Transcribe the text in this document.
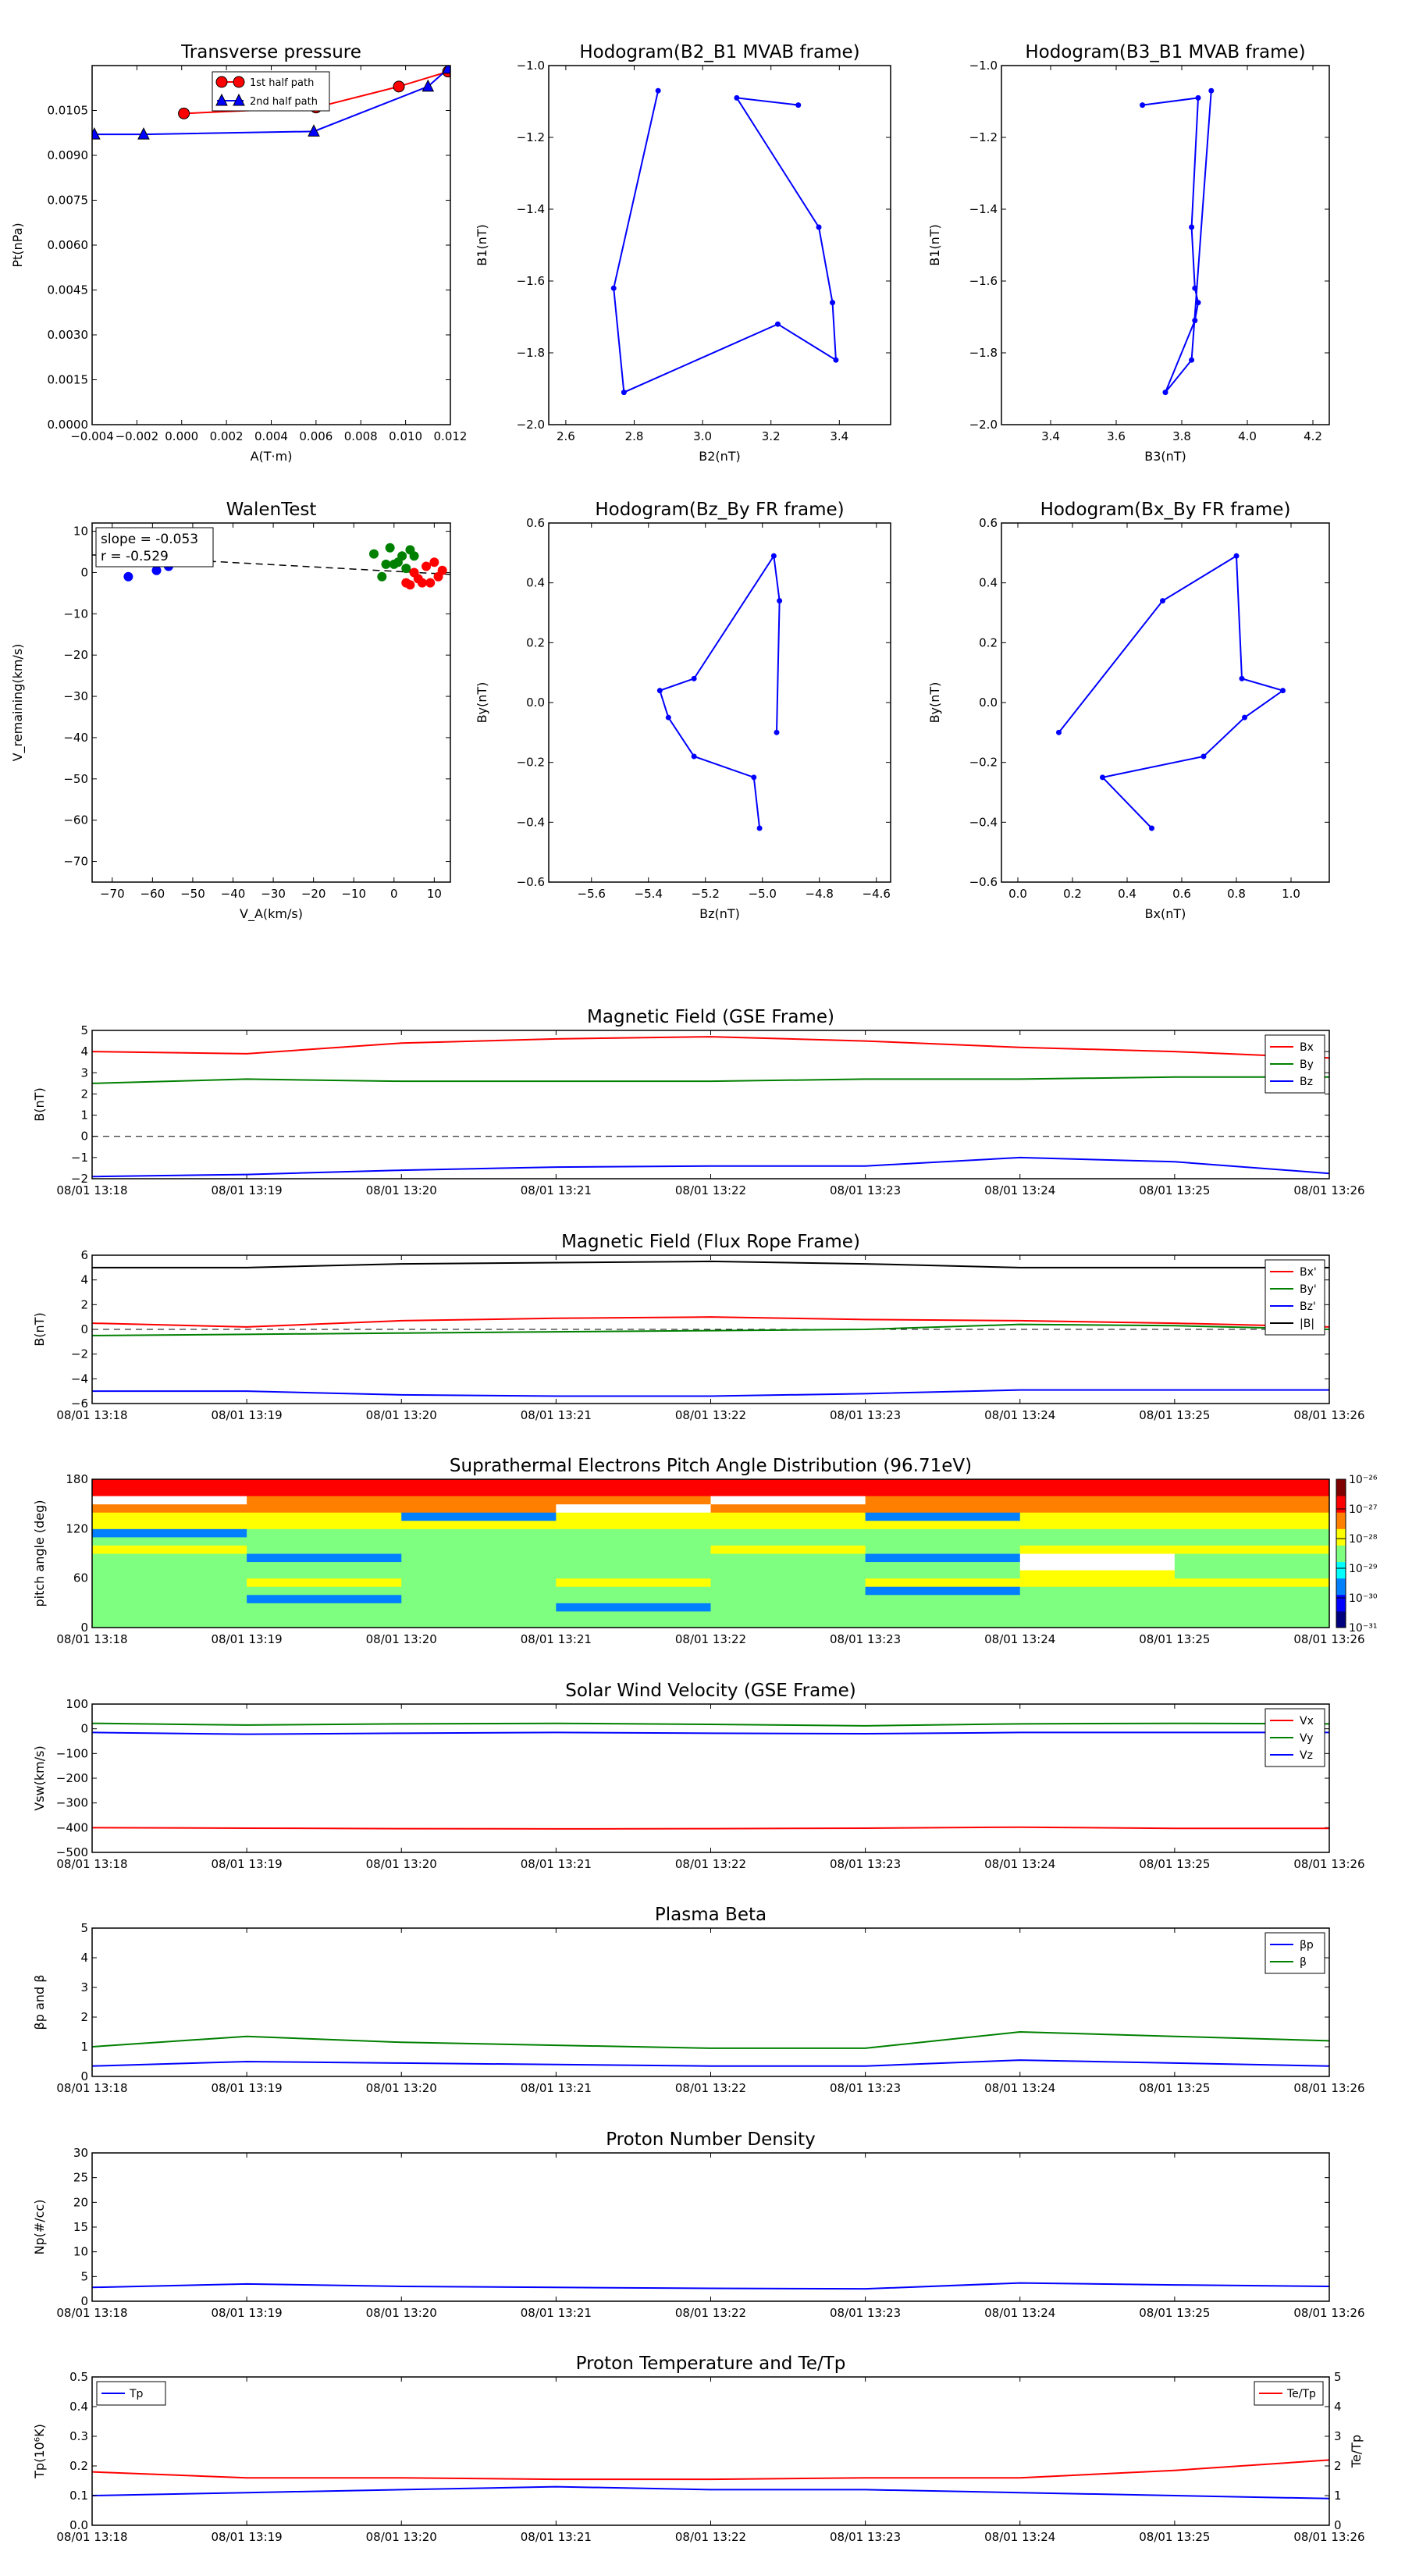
Transverse pressure
−0.004 −0.002 0.000 0.002 0.004 0.006 0.008 0.010 0.012
0.0000
0.0015
0.0030
0.0045
0.0060
0.0075
0.0090
0.0105
A(T·m)
Pt(nPa)
1st half path
2nd half path
Hodogram(B2_B1 MVAB frame)
2.6	2.8	3.0	3.2	3.4
−2.0
−1.8
−1.6
−1.4
−1.2
−1.0
B2(nT)
B1(nT)
Hodogram(B3_B1 MVAB frame)
3.4	3.6	3.8	4.0	4.2
−2.0
−1.8
−1.6
−1.4
−1.2
−1.0
B3(nT)
B1(nT)
WalenTest
−70 −60 −50 −40 −30 −20 −10 0 10
−70
−60
−50
−40
−30
−20
−10
0
10
V_A(km/s)
V_remaining(km/s)
slope = -0.053
r = -0.529
Hodogram(Bz_By FR frame)
−5.6 −5.4 −5.2 −5.0 −4.8 −4.6
−0.6
−0.4
−0.2
0.0
0.2
0.4
0.6
Bz(nT)
By(nT)
Hodogram(Bx_By FR frame)
0.0	0.2	0.4	0.6	0.8	1.0
−0.6
−0.4
−0.2
0.0
0.2
0.4
0.6
Bx(nT)
By(nT)
Magnetic Field (GSE Frame)
08/01 13:18	08/01 13:19	08/01 13:20	08/01 13:21	08/01 13:22	08/01 13:23	08/01 13:24	08/01 13:25	08/01 13:26
−2
−1
0
1
2
3
4
5
B(nT)
Bx
By
Bz
Magnetic Field (Flux Rope Frame)
08/01 13:18	08/01 13:19	08/01 13:20	08/01 13:21	08/01 13:22	08/01 13:23	08/01 13:24	08/01 13:25	08/01 13:26
−6
−4
−2
0
2
4
6
B(nT)
Bx'
By'
Bz'
|B|
Suprathermal Electrons Pitch Angle Distribution (96.71eV)
08/01 13:18	08/01 13:19	08/01 13:20	08/01 13:21	08/01 13:22	08/01 13:23	08/01 13:24	08/01 13:25	08/01 13:26
0
60
120
180
pitch angle (deg)
10⁻³¹
10⁻³⁰
10⁻²⁹
10⁻²⁸
10⁻²⁷
10⁻²⁶
Solar Wind Velocity (GSE Frame)
08/01 13:18	08/01 13:19	08/01 13:20	08/01 13:21	08/01 13:22	08/01 13:23	08/01 13:24	08/01 13:25	08/01 13:26
−500
−400
−300
−200
−100
0
100
Vsw(km/s)
Vx
Vy
Vz
Plasma Beta
08/01 13:18	08/01 13:19	08/01 13:20	08/01 13:21	08/01 13:22	08/01 13:23	08/01 13:24	08/01 13:25	08/01 13:26
0
1
2
3
4
5
βp and β
βp
β
Proton Number Density
08/01 13:18	08/01 13:19	08/01 13:20	08/01 13:21	08/01 13:22	08/01 13:23	08/01 13:24	08/01 13:25	08/01 13:26
0
5
10
15
20
25
30
Np(#/cc)
Proton Temperature and Te/Tp
08/01 13:18	08/01 13:19	08/01 13:20	08/01 13:21	08/01 13:22	08/01 13:23	08/01 13:24	08/01 13:25	08/01 13:26
0.0
0.1
0.2
0.3
0.4
0.5
Tp(10⁶K)
0
1
2
3
4
5
Te/Tp
Tp	Te/Tp
